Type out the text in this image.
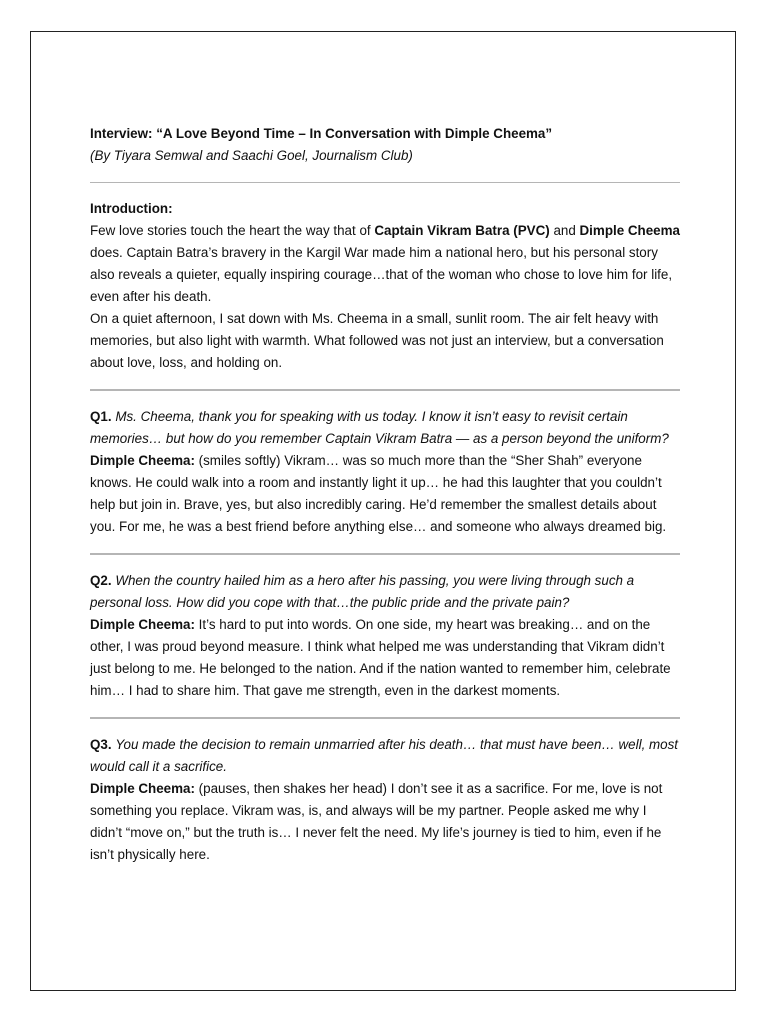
Interview: “A Love Beyond Time – In Conversation with Dimple Cheema”

(By Tiyara Semwal and Saachi Goel, Journalism Club)

Introduction:

Few love stories touch the heart the way that of Captain Vikram Batra (PVC) and Dimple Cheema does. Captain Batra’s bravery in the Kargil War made him a national hero, but his personal story also reveals a quieter, equally inspiring courage…that of the woman who chose to love him for life, even after his death.

On a quiet afternoon, I sat down with Ms. Cheema in a small, sunlit room. The air felt heavy with memories, but also light with warmth. What followed was not just an interview, but a conversation about love, loss, and holding on.

Q1. Ms. Cheema, thank you for speaking with us today. I know it isn’t easy to revisit certain memories… but how do you remember Captain Vikram Batra — as a person beyond the uniform?

Dimple Cheema: (smiles softly) Vikram… was so much more than the “Sher Shah” everyone knows. He could walk into a room and instantly light it up… he had this laughter that you couldn’t help but join in. Brave, yes, but also incredibly caring. He’d remember the smallest details about you. For me, he was a best friend before anything else… and someone who always dreamed big.

Q2. When the country hailed him as a hero after his passing, you were living through such a personal loss. How did you cope with that…the public pride and the private pain?

Dimple Cheema: It’s hard to put into words. On one side, my heart was breaking… and on the other, I was proud beyond measure. I think what helped me was understanding that Vikram didn’t just belong to me. He belonged to the nation. And if the nation wanted to remember him, celebrate him… I had to share him. That gave me strength, even in the darkest moments.

Q3. You made the decision to remain unmarried after his death… that must have been… well, most would call it a sacrifice.

Dimple Cheema: (pauses, then shakes her head) I don’t see it as a sacrifice. For me, love is not something you replace. Vikram was, is, and always will be my partner. People asked me why I didn’t “move on,” but the truth is… I never felt the need. My life’s journey is tied to him, even if he isn’t physically here.
